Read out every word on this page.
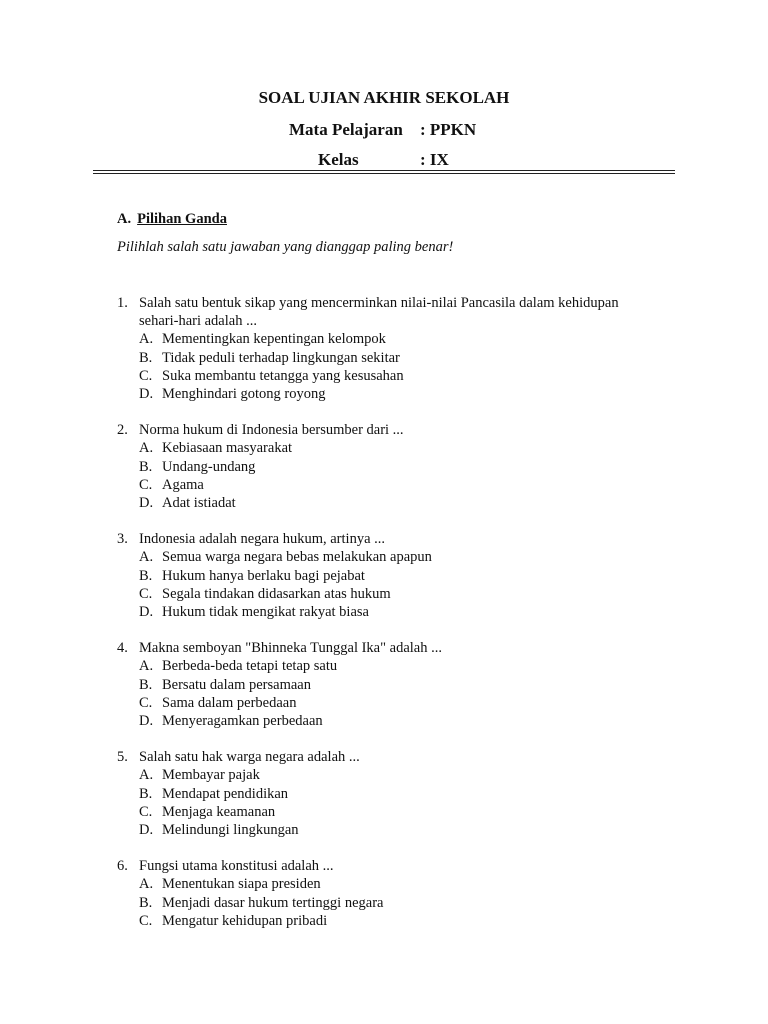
SOAL UJIAN AKHIR SEKOLAH
Mata Pelajaran : PPKN
Kelas	: IX
A. Pilihan Ganda
Pilihlah salah satu jawaban yang dianggap paling benar!
1. Salah satu bentuk sikap yang mencerminkan nilai-nilai Pancasila dalam kehidupan
sehari-hari adalah ...
A. Mementingkan kepentingan kelompok
B. Tidak peduli terhadap lingkungan sekitar
C. Suka membantu tetangga yang kesusahan
D. Menghindari gotong royong
2. Norma hukum di Indonesia bersumber dari ...
A. Kebiasaan masyarakat
B. Undang-undang
C. Agama
D. Adat istiadat
3. Indonesia adalah negara hukum, artinya ...
A. Semua warga negara bebas melakukan apapun
B. Hukum hanya berlaku bagi pejabat
C. Segala tindakan didasarkan atas hukum
D. Hukum tidak mengikat rakyat biasa
4. Makna semboyan "Bhinneka Tunggal Ika" adalah ...
A. Berbeda-beda tetapi tetap satu
B. Bersatu dalam persamaan
C. Sama dalam perbedaan
D. Menyeragamkan perbedaan
5. Salah satu hak warga negara adalah ...
A. Membayar pajak
B. Mendapat pendidikan
C. Menjaga keamanan
D. Melindungi lingkungan
6. Fungsi utama konstitusi adalah ...
A. Menentukan siapa presiden
B. Menjadi dasar hukum tertinggi negara
C. Mengatur kehidupan pribadi
